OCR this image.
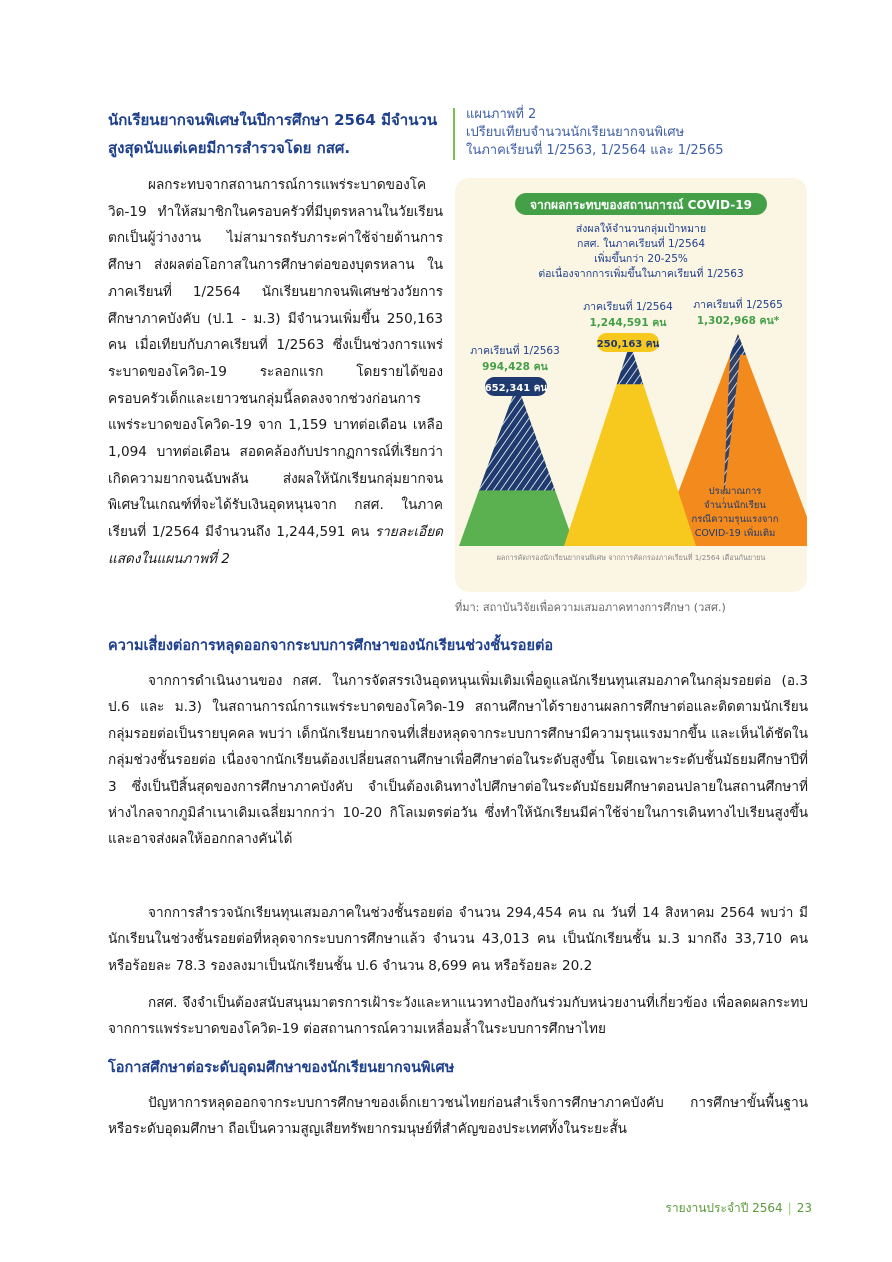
นักเรียนยากจนพิเศษในปีการศึกษา 2564 มีจำนวนสูงสุดนับแต่เคยมีการสำรวจโดย กสศ.
ผลกระทบจากสถานการณ์การแพร่ระบาดของโควิด-19 ทำให้สมาชิกในครอบครัวที่มีบุตรหลานในวัยเรียนตกเป็นผู้ว่างงาน ไม่สามารถรับภาระค่าใช้จ่ายด้านการศึกษา ส่งผลต่อโอกาสในการศึกษาต่อของบุตรหลาน ในภาคเรียนที่ 1/2564 นักเรียนยากจนพิเศษช่วงวัยการศึกษาภาคบังคับ (ป.1 - ม.3) มีจำนวนเพิ่มขึ้น 250,163 คน เมื่อเทียบกับภาคเรียนที่ 1/2563 ซึ่งเป็นช่วงการแพร่ระบาดของโควิด-19 ระลอกแรก โดยรายได้ของครอบครัวเด็กและเยาวชนกลุ่มนี้ลดลงจากช่วงก่อนการแพร่ระบาดของโควิด-19 จาก 1,159 บาทต่อเดือน เหลือ 1,094 บาทต่อเดือน สอดคล้องกับปรากฏการณ์ที่เรียกว่าเกิดความยากจนฉับพลัน ส่งผลให้นักเรียนกลุ่มยากจนพิเศษในเกณฑ์ที่จะได้รับเงินอุดหนุนจาก กสศ. ในภาคเรียนที่ 1/2564 มีจำนวนถึง 1,244,591 คน รายละเอียดแสดงในแผนภาพที่ 2
แผนภาพที่ 2
เปรียบเทียบจำนวนนักเรียนยากจนพิเศษ
ในภาคเรียนที่ 1/2563, 1/2564 และ 1/2565
จากผลกระทบของสถานการณ์ COVID-19
ส่งผลให้จำนวนกลุ่มเป้าหมาย
กสศ. ในภาคเรียนที่ 1/2564
เพิ่มขึ้นกว่า 20-25%
ต่อเนื่องจากการเพิ่มขึ้นในภาคเรียนที่ 1/2563
ภาคเรียนที่ 1/2563
994,428 คน
652,341 คน
ภาคเรียนที่ 1/2564
1,244,591 คน
250,163 คน
ภาคเรียนที่ 1/2565
1,302,968 คน*
ประมาณการ
จำนวนนักเรียน
กรณีความรุนแรงจาก
COVID-19 เพิ่มเติม
ผลการคัดกรองนักเรียนยากจนพิเศษ จากการคัดกรองภาคเรียนที่ 1/2564 เดือนกันยายน
ที่มา: สถาบันวิจัยเพื่อความเสมอภาคทางการศึกษา (วสศ.)
ความเสี่ยงต่อการหลุดออกจากระบบการศึกษาของนักเรียนช่วงชั้นรอยต่อ
จากการดำเนินงานของ กสศ. ในการจัดสรรเงินอุดหนุนเพิ่มเติมเพื่อดูแลนักเรียนทุนเสมอภาคในกลุ่มรอยต่อ (อ.3 ป.6 และ ม.3) ในสถานการณ์การแพร่ระบาดของโควิด-19 สถานศึกษาได้รายงานผลการศึกษาต่อและติดตามนักเรียนกลุ่มรอยต่อเป็นรายบุคคล พบว่า เด็กนักเรียนยากจนที่เสี่ยงหลุดจากระบบการศึกษามีความรุนแรงมากขึ้น และเห็นได้ชัดในกลุ่มช่วงชั้นรอยต่อ เนื่องจากนักเรียนต้องเปลี่ยนสถานศึกษาเพื่อศึกษาต่อในระดับสูงขึ้น โดยเฉพาะระดับชั้นมัธยมศึกษาปีที่ 3 ซึ่งเป็นปีสิ้นสุดของการศึกษาภาคบังคับ จำเป็นต้องเดินทางไปศึกษาต่อในระดับมัธยมศึกษาตอนปลายในสถานศึกษาที่ห่างไกลจากภูมิลำเนาเดิมเฉลี่ยมากกว่า 10-20 กิโลเมตรต่อวัน ซึ่งทำให้นักเรียนมีค่าใช้จ่ายในการเดินทางไปเรียนสูงขึ้น และอาจส่งผลให้ออกกลางคันได้
จากการสำรวจนักเรียนทุนเสมอภาคในช่วงชั้นรอยต่อ จำนวน 294,454 คน ณ วันที่ 14 สิงหาคม 2564 พบว่า มีนักเรียนในช่วงชั้นรอยต่อที่หลุดจากระบบการศึกษาแล้ว จำนวน 43,013 คน เป็นนักเรียนชั้น ม.3 มากถึง 33,710 คน หรือร้อยละ 78.3 รองลงมาเป็นนักเรียนชั้น ป.6 จำนวน 8,699 คน หรือร้อยละ 20.2
กสศ. จึงจำเป็นต้องสนับสนุนมาตรการเฝ้าระวังและหาแนวทางป้องกันร่วมกับหน่วยงานที่เกี่ยวข้อง เพื่อลดผลกระทบจากการแพร่ระบาดของโควิด-19 ต่อสถานการณ์ความเหลื่อมล้ำในระบบการศึกษาไทย
โอกาสศึกษาต่อระดับอุดมศึกษาของนักเรียนยากจนพิเศษ
ปัญหาการหลุดออกจากระบบการศึกษาของเด็กเยาวชนไทยก่อนสำเร็จการศึกษาภาคบังคับ การศึกษาขั้นพื้นฐาน หรือระดับอุดมศึกษา ถือเป็นความสูญเสียทรัพยากรมนุษย์ที่สำคัญของประเทศทั้งในระยะสั้น
รายงานประจำปี 2564 | 23
